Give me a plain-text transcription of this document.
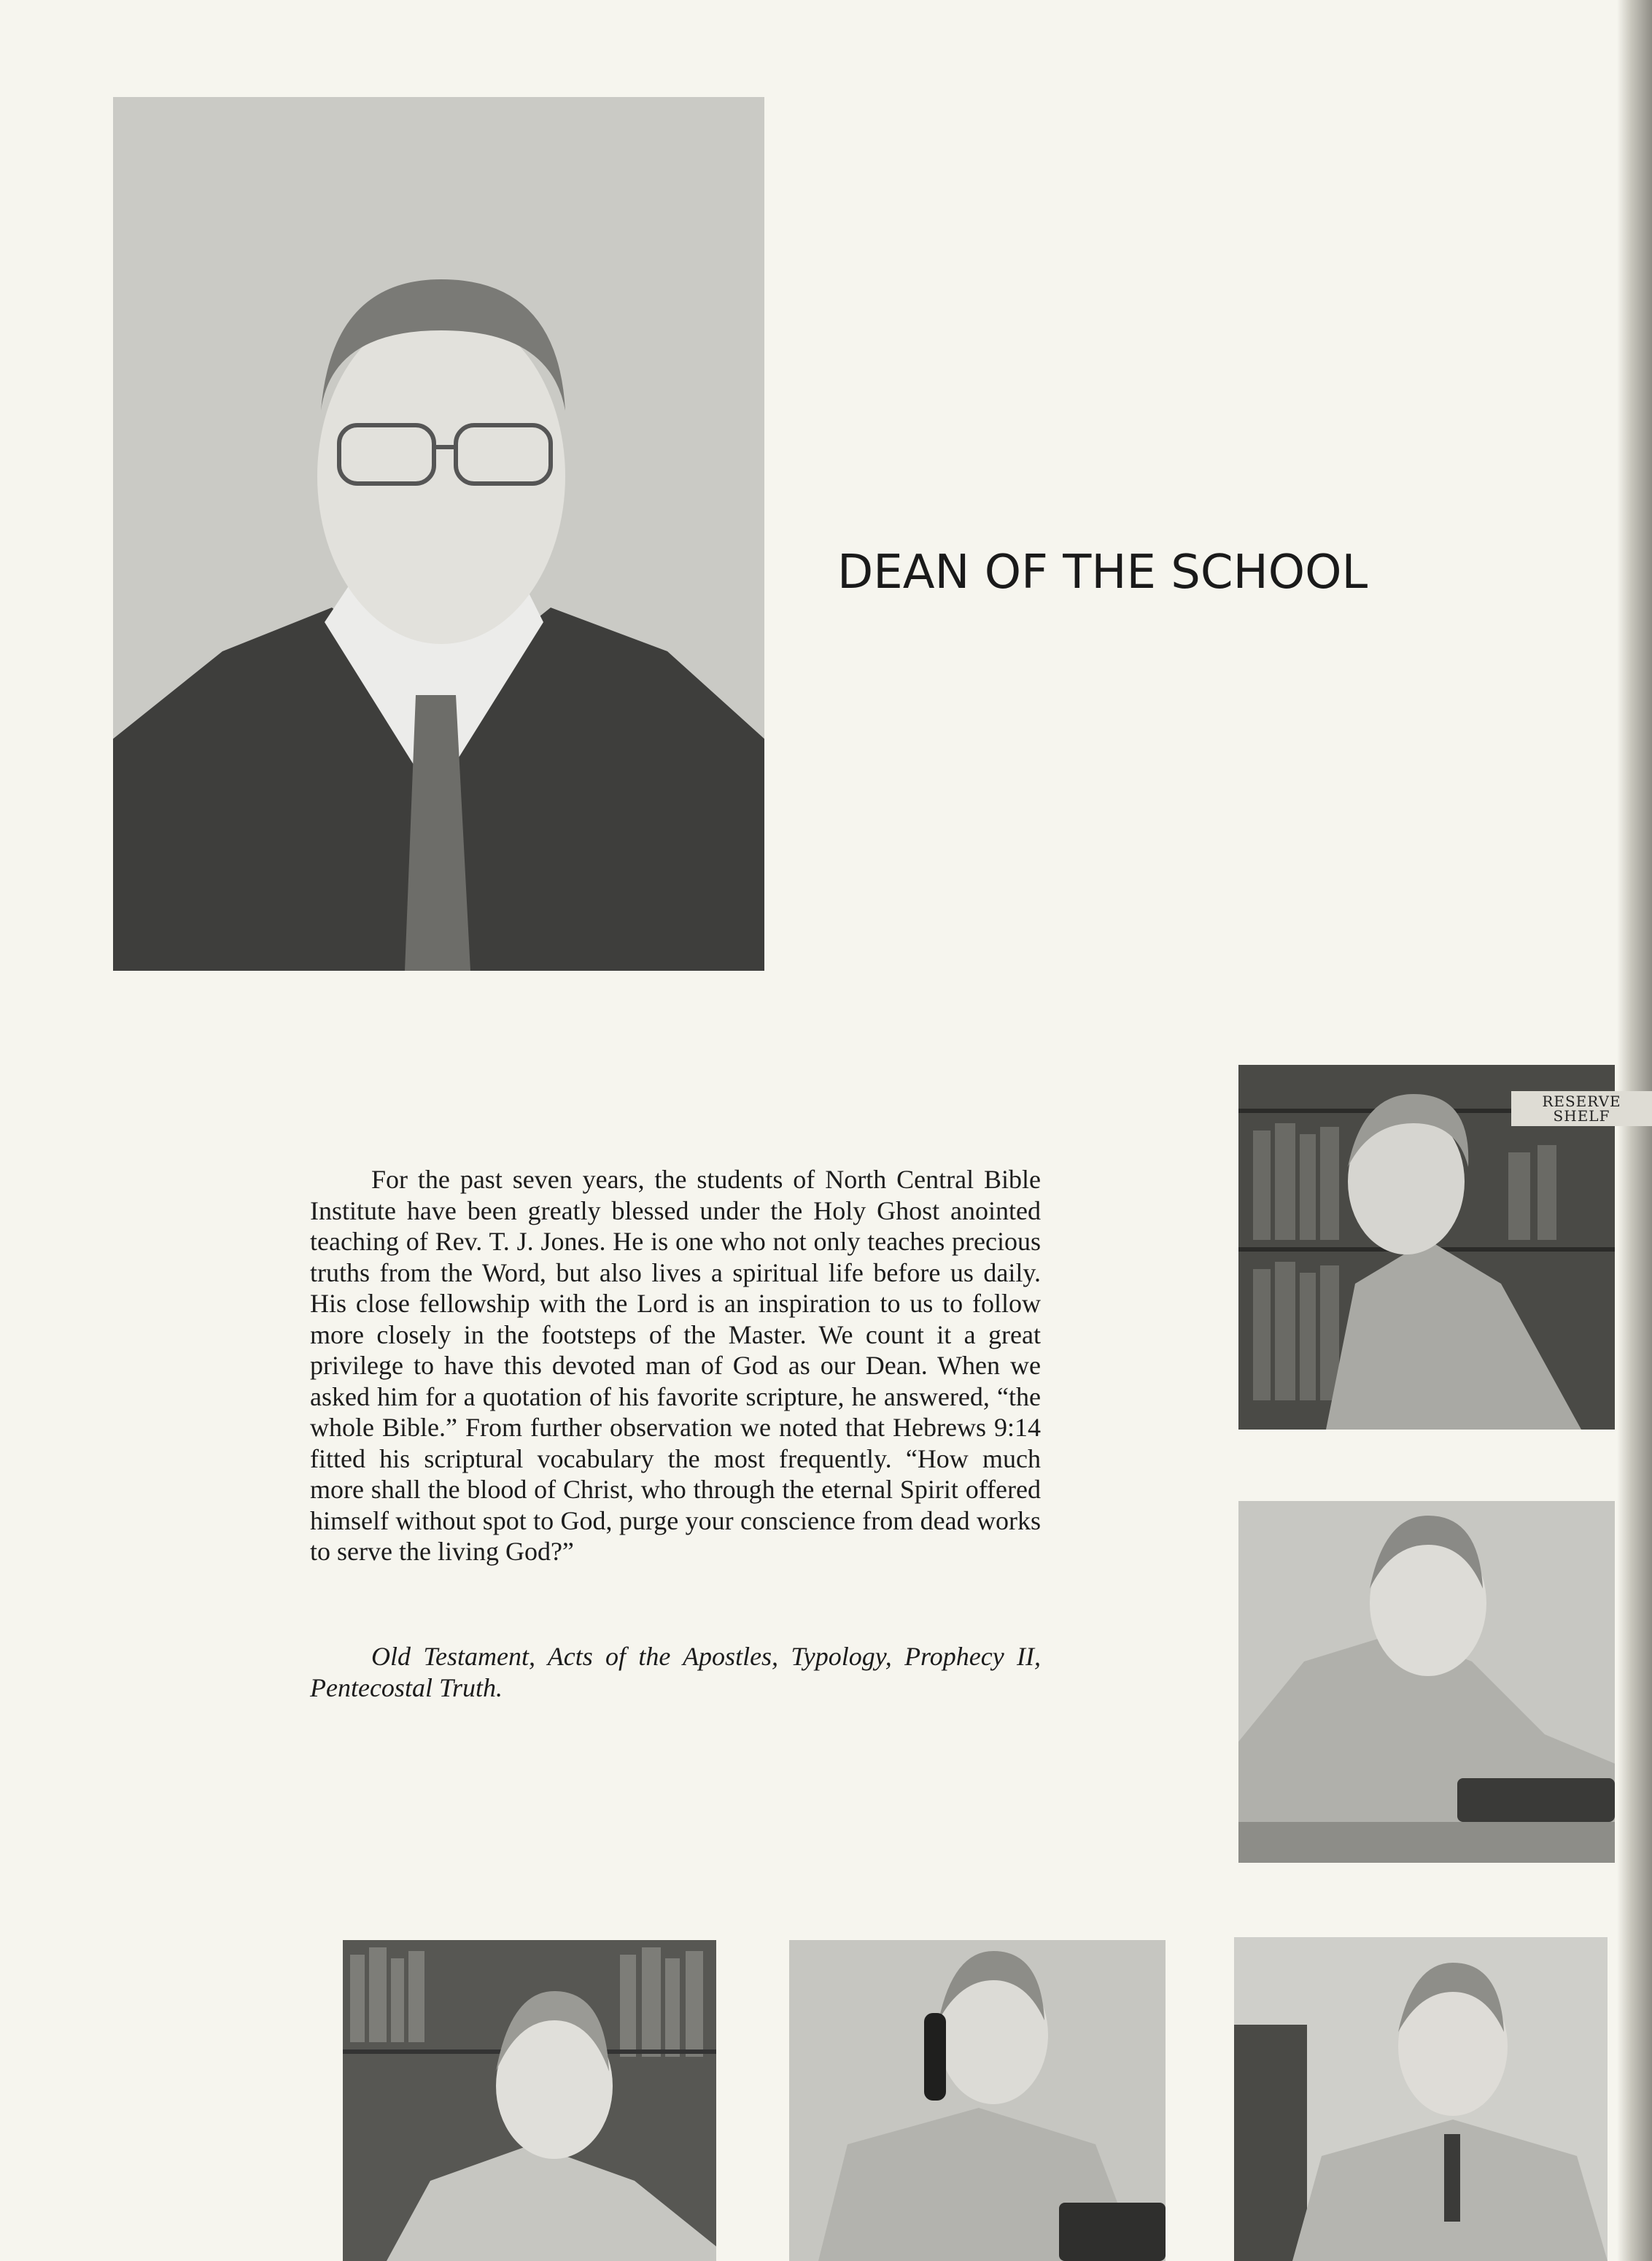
DEAN OF THE SCHOOL
RESERVE SHELF

For the past seven years, the students of North Central Bible Institute have been greatly blessed under the Holy Ghost anointed teaching of Rev. T. J. Jones. He is one who not only teaches precious truths from the Word, but also lives a spiritual life before us daily. His close fellowship with the Lord is an inspiration to us to follow more closely in the footsteps of the Master. We count it a great privilege to have this devoted man of God as our Dean. When we asked him for a quotation of his favorite scripture, he answered, “the whole Bible.” From further observation we noted that Hebrews 9:14 fitted his scriptural vocabulary the most frequently. “How much more shall the blood of Christ, who through the eternal Spirit offered himself without spot to God, purge your conscience from dead works to serve the living God?”

Old Testament, Acts of the Apostles, Typology, Prophecy II, Pentecostal Truth.
